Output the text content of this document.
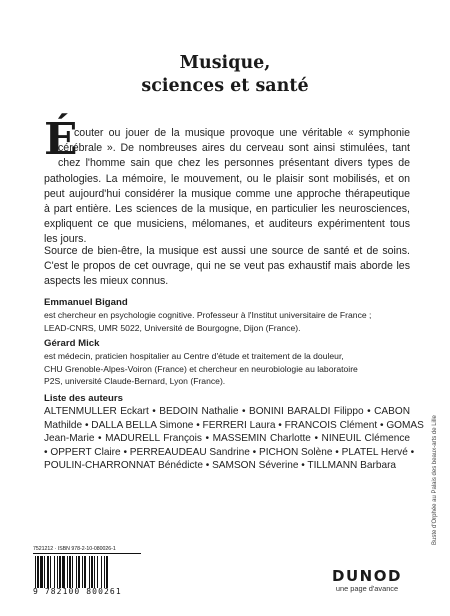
Musique,
sciences et santé
É
couter ou jouer de la musique provoque une véritable « symphonie
cérébrale ». De nombreuses aires du cerveau sont ainsi stimulées, tant
chez l'homme sain que chez les personnes présentant divers types de
pathologies. La mémoire, le mouvement, ou le plaisir sont mobilisés, et on
peut aujourd'hui considérer la musique comme une approche thérapeutique
à part entière. Les sciences de la musique, en particulier les neurosciences,
expliquent ce que musiciens, mélomanes, et auditeurs expérimentent tous
les jours.
Source de bien-être, la musique est aussi une source de santé et de soins.
C'est le propos de cet ouvrage, qui ne se veut pas exhaustif mais aborde les
aspects les mieux connus.
Emmanuel Bigand
est chercheur en psychologie cognitive. Professeur à l'Institut universitaire de France ;
LEAD-CNRS, UMR 5022, Université de Bourgogne, Dijon (France).
Gérard Mick
est médecin, praticien hospitalier au Centre d'étude et traitement de la douleur,
CHU Grenoble-Alpes-Voiron (France) et chercheur en neurobiologie au laboratoire
P2S, université Claude-Bernard, Lyon (France).
Liste des auteurs
ALTENMULLER Eckart • BEDOIN Nathalie • BONINI BARALDI Filippo • CABON
Mathilde • DALLA BELLA Simone • FERRERI Laura • FRANCOIS Clément • GOMAS
Jean-Marie • MADURELL François • MASSEMIN Charlotte • NINEUIL Clémence
• OPPERT Claire • PERREAUDEAU Sandrine • PICHON Solène • PLATEL Hervé •
POULIN-CHARRONNAT Bénédicte • SAMSON Séverine • TILLMANN Barbara	Buste d'Orphée au Palais des beaux-arts de Lille
7521212 · ISBN 978-2-10-080026-1
9 782100 800261
DUNOD
une page d'avance
